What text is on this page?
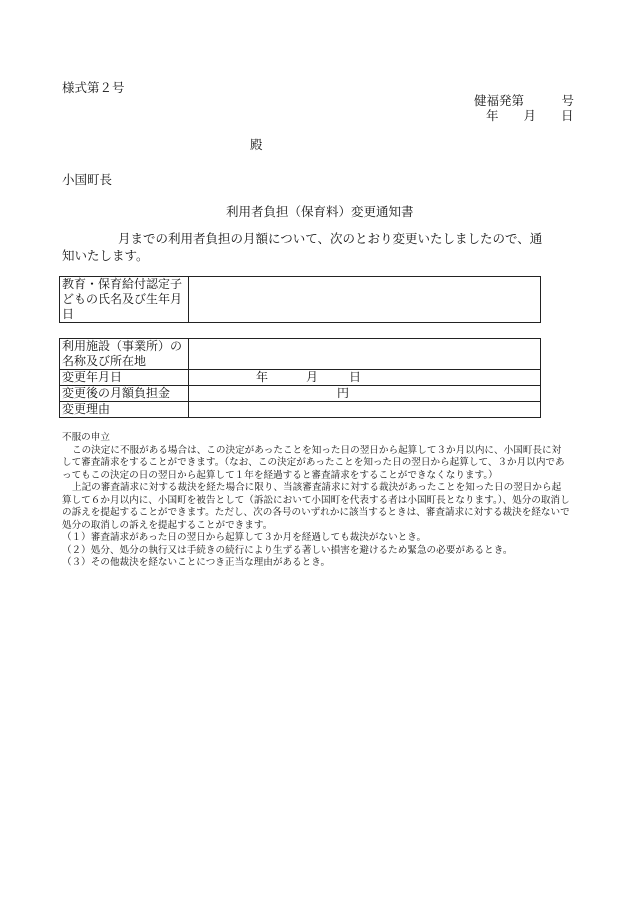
様式第２号
健福発第　　　号
年　　月　　日
殿
小国町長
利用者負担（保育料）変更通知書

月までの利用者負担の月額について、次のとおり変更いたしましたので、通知いたします。

教育・保育給付認定子どもの氏名及び生年月日	
利用施設（事業所）の名称及び所在地	
変更年月日	年 月 日

変更後の月額負担金	円

変更理由	

不服の申立

この決定に不服がある場合は、この決定があったことを知った日の翌日から起算して３か月以内に、小国町長に対して審査請求をすることができます。（なお、この決定があったことを知った日の翌日から起算して、３か月以内であってもこの決定の日の翌日から起算して１年を経過すると審査請求をすることができなくなります。）

上記の審査請求に対する裁決を経た場合に限り、当該審査請求に対する裁決があったことを知った日の翌日から起算して６か月以内に、小国町を被告として（訴訟において小国町を代表する者は小国町長となります。）、処分の取消しの訴えを提起することができます。ただし、次の各号のいずれかに該当するときは、審査請求に対する裁決を経ないで処分の取消しの訴えを提起することができます。

（１）審査請求があった日の翌日から起算して３か月を経過しても裁決がないとき。

（２）処分、処分の執行又は手続きの続行により生ずる著しい損害を避けるため緊急の必要があるとき。

（３）その他裁決を経ないことにつき正当な理由があるとき。
